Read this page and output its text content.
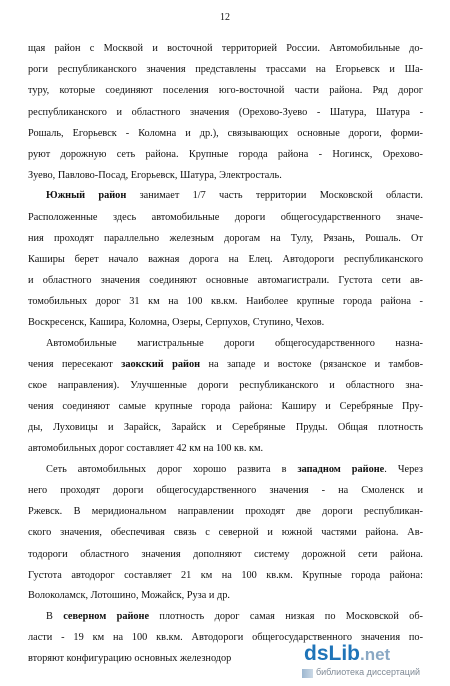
12
щая район с Москвой и восточной территорией России. Автомобильные до-
роги республиканского значения представлены трассами на Егорьевск и Ша-
туру, которые соединяют поселения юго-восточной части района. Ряд дорог
республиканского и областного значения (Орехово-Зуево - Шатура, Шатура -
Рошаль, Егорьевск - Коломна и др.), связывающих основные дороги, форми-
руют дорожную сеть района. Крупные города района - Ногинск, Орехово-
Зуево, Павлово-Посад, Егорьевск, Шатура, Электросталь.
Южный район занимает 1/7 часть территории Московской области.
Расположенные здесь автомобильные дороги общегосударственного значе-
ния проходят параллельно железным дорогам на Тулу, Рязань, Рошаль. От
Каширы берет начало важная дорога на Елец. Автодороги республиканского
и областного значения соединяют основные автомагистрали. Густота сети ав-
томобильных дорог 31 км на 100 кв.км. Наиболее крупные города района -
Воскресенск, Кашира, Коломна, Озеры, Серпухов, Ступино, Чехов.
Автомобильные магистральные дороги общегосударственного назна-
чения пересекают заокский район на западе и востоке (рязанское и тамбов-
ское направления). Улучшенные дороги республиканского и областного зна-
чения соединяют самые крупные города района: Каширу и Серебряные Пру-
ды, Луховицы и Зарайск, Зарайск и Серебряные Пруды. Общая плотность
автомобильных дорог составляет 42 км на 100 кв. км.
Сеть автомобильных дорог хорошо развита в западном районе. Через
него проходят дороги общегосударственного значения - на Смоленск и
Ржевск. В меридиональном направлении проходят две дороги республикан-
ского значения, обеспечивая связь с северной и южной частями района. Ав-
тодороги областного значения дополняют систему дорожной сети района.
Густота автодорог составляет 21 км на 100 кв.км. Крупные города района:
Волоколамск, Лотошино, Можайск, Руза и др.
В северном районе плотность дорог самая низкая по Московской об-
ласти - 19 км на 100 кв.км. Автодороги общегосударственного значения по-
вторяют конфигурацию основных железнодор	dsLib.net
библиотека диссертаций
